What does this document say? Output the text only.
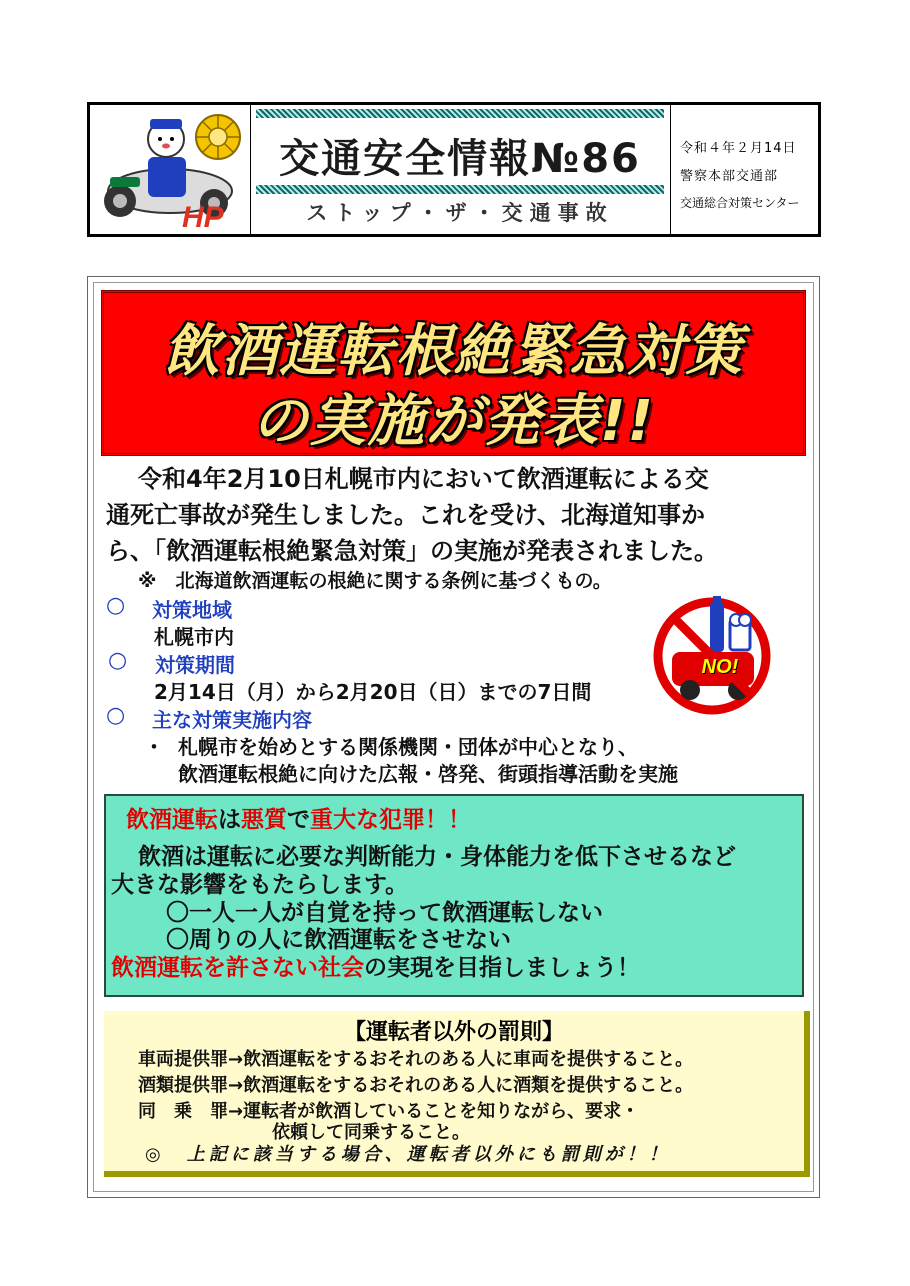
HP
交通安全情報№86
ストップ・ザ・交通事故
令和４年２月14日
警察本部交通部
交通総合対策センター
飲酒運転根絶緊急対策
の実施が発表!!
令和4年2月10日札幌市内において飲酒運転による交
通死亡事故が発生しました。これを受け、北海道知事か
ら、「飲酒運転根絶緊急対策」の実施が発表されました。
※　北海道飲酒運転の根絶に関する条例に基づくもの。
○ 対策地域
札幌市内
○ 対策期間
2月14日（月）から2月20日（日）までの7日間
○ 主な対策実施内容
・ 札幌市を始めとする関係機関・団体が中心となり、
飲酒運転根絶に向けた広報・啓発、街頭指導活動を実施
NO!
飲酒運転は悪質で重大な犯罪！！
飲酒は運転に必要な判断能力・身体能力を低下させるなど
大きな影響をもたらします。
〇一人一人が自覚を持って飲酒運転しない
〇周りの人に飲酒運転をさせない
飲酒運転を許さない社会の実現を目指しましょう！
【運転者以外の罰則】
車両提供罪→飲酒運転をするおそれのある人に車両を提供すること。
酒類提供罪→飲酒運転をするおそれのある人に酒類を提供すること。
同　乗　罪→運転者が飲酒していることを知りながら、要求・
依頼して同乗すること。
◎　上記に該当する場合、運転者以外にも罰則が！！
